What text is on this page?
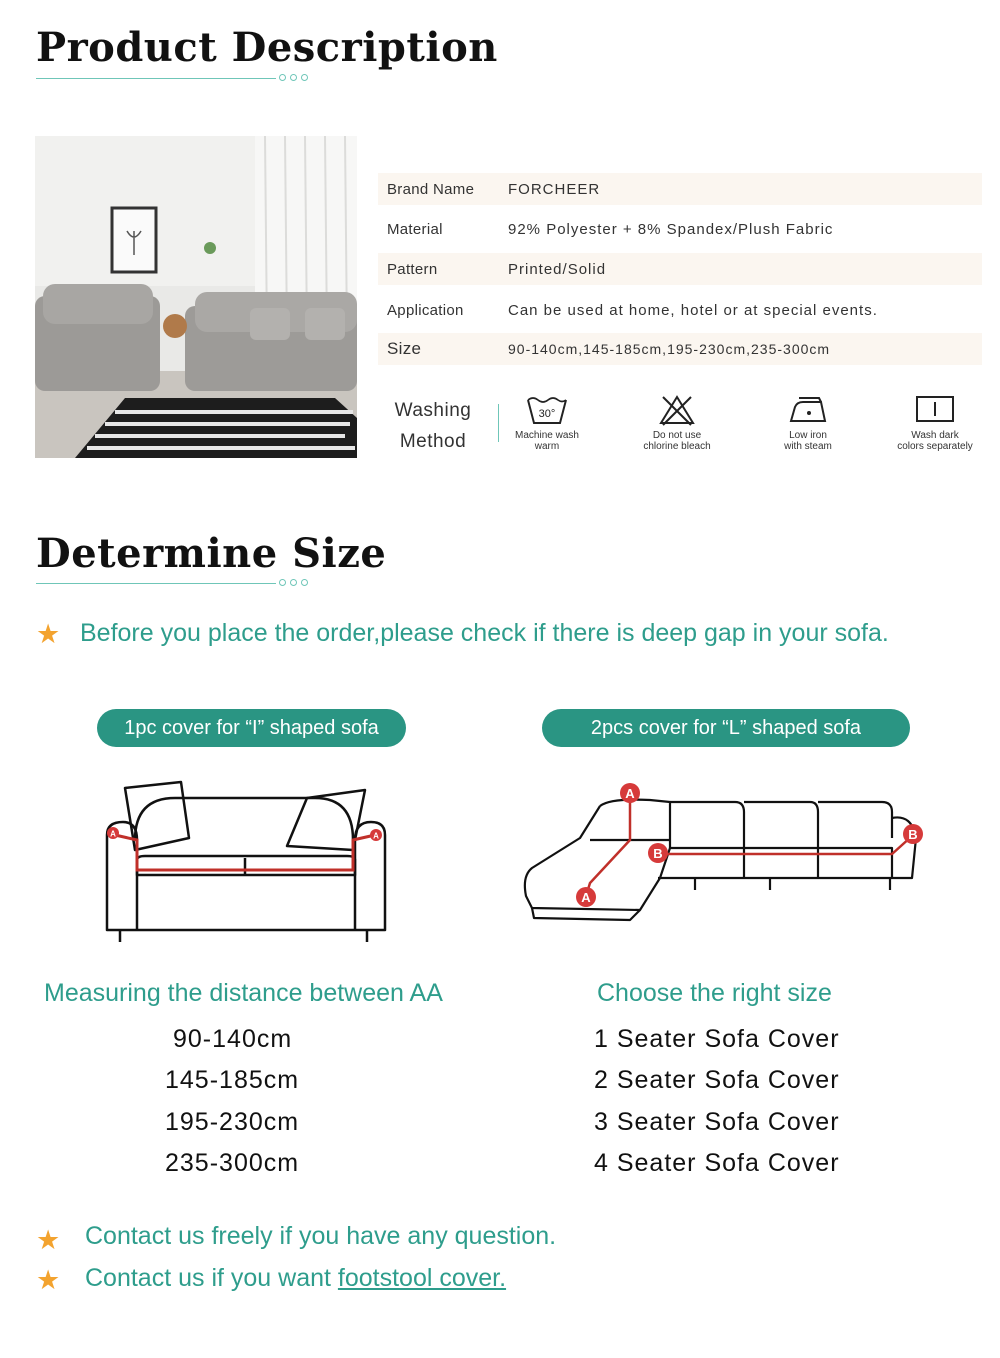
Product Description
Brand Name	FORCHEER
Material	92% Polyester + 8% Spandex/Plush Fabric
Pattern	Printed/Solid
Application	Can be used at home, hotel or at special events.
Size	90-140cm,145-185cm,195-230cm,235-300cm
Washing
Method
30°
Machine wash
warm
Do not use
chlorine bleach
Low iron
with steam
Wash dark
colors separately
Determine Size
★ Before you place the order,please check if there is deep gap in your sofa.
1pc cover for “I” shaped sofa	2pcs cover for “L” shaped sofa
A	A
A
A
B
B
Measuring the distance between AA	Choose the right size
90-140cm
145-185cm
195-230cm
235-300cm
1 Seater Sofa Cover
2 Seater Sofa Cover
3 Seater Sofa Cover
4 Seater Sofa Cover
★ Contact us freely if you have any question.
★ Contact us if you want footstool cover.
